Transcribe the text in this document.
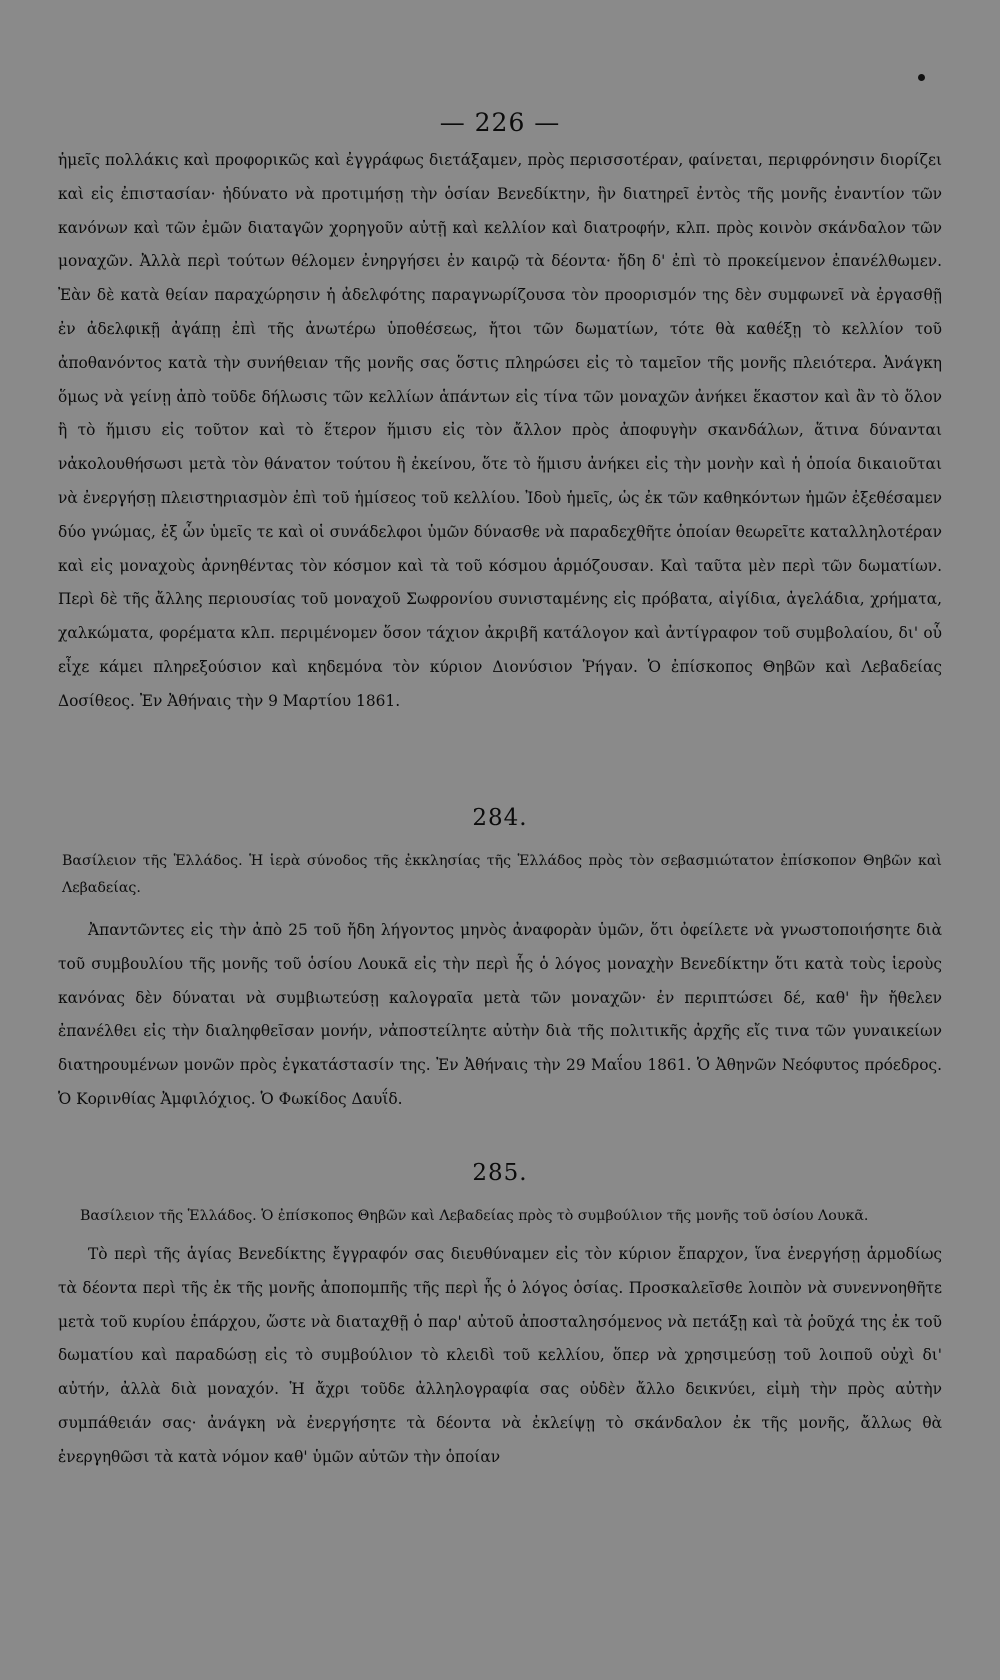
— 226 —

ἡμεῖς πολλάκις καὶ προφορικῶς καὶ ἐγγράφως διετάξαμεν, πρὸς περισσοτέραν, φαίνεται, περιφρόνησιν διορίζει καὶ εἰς ἐπιστασίαν· ἠδύνατο νὰ προτιμήσῃ τὴν ὁσίαν Βενεδίκτην, ἣν διατηρεῖ ἐντὸς τῆς μονῆς ἐναντίον τῶν κανόνων καὶ τῶν ἐμῶν διαταγῶν χορηγοῦν αὐτῇ καὶ κελλίον καὶ διατροφήν, κλπ. πρὸς κοινὸν σκάνδαλον τῶν μοναχῶν. Ἀλλὰ περὶ τούτων θέλομεν ἐνηργήσει ἐν καιρῷ τὰ δέοντα· ἤδη δ' ἐπὶ τὸ προκείμενον ἐπανέλθωμεν. Ἐὰν δὲ κατὰ θείαν παραχώρησιν ἡ ἀδελφότης παραγνωρίζουσα τὸν προορισμόν της δὲν συμφωνεῖ νὰ ἐργασθῇ ἐν ἀδελφικῇ ἀγάπῃ ἐπὶ τῆς ἀνωτέρω ὑποθέσεως, ἤτοι τῶν δωματίων, τότε θὰ καθέξῃ τὸ κελλίον τοῦ ἀποθανόντος κατὰ τὴν συνήθειαν τῆς μονῆς σας ὅστις πληρώσει εἰς τὸ ταμεῖον τῆς μονῆς πλειότερα. Ἀνάγκη ὅμως νὰ γείνῃ ἀπὸ τοῦδε δήλωσις τῶν κελλίων ἁπάντων εἰς τίνα τῶν μοναχῶν ἀνήκει ἕκαστον καὶ ἂν τὸ ὅλον ἢ τὸ ἥμισυ εἰς τοῦτον καὶ τὸ ἕτερον ἥμισυ εἰς τὸν ἄλλον πρὸς ἀποφυγὴν σκανδάλων, ἅτινα δύνανται νἀκολουθήσωσι μετὰ τὸν θάνατον τούτου ἢ ἐκείνου, ὅτε τὸ ἥμισυ ἀνήκει εἰς τὴν μονὴν καὶ ἡ ὁποία δικαιοῦται νὰ ἐνεργήσῃ πλειστηριασμὸν ἐπὶ τοῦ ἡμίσεος τοῦ κελλίου. Ἰδοὺ ἡμεῖς, ὡς ἐκ τῶν καθηκόντων ἡμῶν ἐξεθέσαμεν δύο γνώμας, ἐξ ὧν ὑμεῖς τε καὶ οἱ συνάδελφοι ὑμῶν δύνασθε νὰ παραδεχθῆτε ὁποίαν θεωρεῖτε καταλληλοτέραν καὶ εἰς μοναχοὺς ἀρνηθέντας τὸν κόσμον καὶ τὰ τοῦ κόσμου ἁρμόζουσαν. Καὶ ταῦτα μὲν περὶ τῶν δωματίων. Περὶ δὲ τῆς ἄλλης περιουσίας τοῦ μοναχοῦ Σωφρονίου συνισταμένης εἰς πρόβατα, αἰγίδια, ἀγελάδια, χρήματα, χαλκώματα, φορέματα κλπ. περιμένομεν ὅσον τάχιον ἀκριβῆ κατάλογον καὶ ἀντίγραφον τοῦ συμβολαίου, δι' οὗ εἶχε κάμει πληρεξούσιον καὶ κηδεμόνα τὸν κύριον Διονύσιον Ῥήγαν. Ὁ ἐπίσκοπος Θηβῶν καὶ Λεβαδείας Δοσίθεος. Ἐν Ἀθήναις τὴν 9 Μαρτίου 1861.

284.

Βασίλειον τῆς Ἑλλάδος. Ἡ ἱερὰ σύνοδος τῆς ἐκκλησίας τῆς Ἑλλάδος πρὸς τὸν σεβασμιώτατον ἐπίσκοπον Θηβῶν καὶ Λεβαδείας.

Ἀπαντῶντες εἰς τὴν ἀπὸ 25 τοῦ ἤδη λήγοντος μηνὸς ἀναφορὰν ὑμῶν, ὅτι ὀφείλετε νὰ γνωστοποιήσητε διὰ τοῦ συμβουλίου τῆς μονῆς τοῦ ὁσίου Λουκᾶ εἰς τὴν περὶ ἧς ὁ λόγος μοναχὴν Βενεδίκτην ὅτι κατὰ τοὺς ἱεροὺς κανόνας δὲν δύναται νὰ συμβιωτεύσῃ καλογραῖα μετὰ τῶν μοναχῶν· ἐν περιπτώσει δέ, καθ' ἣν ἤθελεν ἐπανέλθει εἰς τὴν διαληφθεῖσαν μονήν, νἀποστείλητε αὐτὴν διὰ τῆς πολιτικῆς ἀρχῆς εἴς τινα τῶν γυναικείων διατηρουμένων μονῶν πρὸς ἐγκατάστασίν της. Ἐν Ἀθήναις τὴν 29 Μαΐου 1861. Ὁ Ἀθηνῶν Νεόφυτος πρόεδρος. Ὁ Κορινθίας Ἀμφιλόχιος. Ὁ Φωκίδος Δαυΐδ.

285.

Βασίλειον τῆς Ἑλλάδος. Ὁ ἐπίσκοπος Θηβῶν καὶ Λεβαδείας πρὸς τὸ συμβούλιον τῆς μονῆς τοῦ ὁσίου Λουκᾶ.

Τὸ περὶ τῆς ἁγίας Βενεδίκτης ἔγγραφόν σας διευθύναμεν εἰς τὸν κύριον ἔπαρχον, ἵνα ἐνεργήσῃ ἁρμοδίως τὰ δέοντα περὶ τῆς ἐκ τῆς μονῆς ἀποπομπῆς τῆς περὶ ἧς ὁ λόγος ὁσίας. Προσκαλεῖσθε λοιπὸν νὰ συνεννοηθῆτε μετὰ τοῦ κυρίου ἐπάρχου, ὥστε νὰ διαταχθῇ ὁ παρ' αὐτοῦ ἀποσταλησόμενος νὰ πετάξῃ καὶ τὰ ῥοῦχά της ἐκ τοῦ δωματίου καὶ παραδώσῃ εἰς τὸ συμβούλιον τὸ κλειδὶ τοῦ κελλίου, ὅπερ νὰ χρησιμεύσῃ τοῦ λοιποῦ οὐχὶ δι' αὐτήν, ἀλλὰ διὰ μοναχόν. Ἡ ἄχρι τοῦδε ἀλληλογραφία σας οὐδὲν ἄλλο δεικνύει, εἰμὴ τὴν πρὸς αὐτὴν συμπάθειάν σας· ἀνάγκη νὰ ἐνεργήσητε τὰ δέοντα νὰ ἐκλείψῃ τὸ σκάνδαλον ἐκ τῆς μονῆς, ἄλλως θὰ ἐνεργηθῶσι τὰ κατὰ νόμον καθ' ὑμῶν αὐτῶν τὴν ὁποίαν
